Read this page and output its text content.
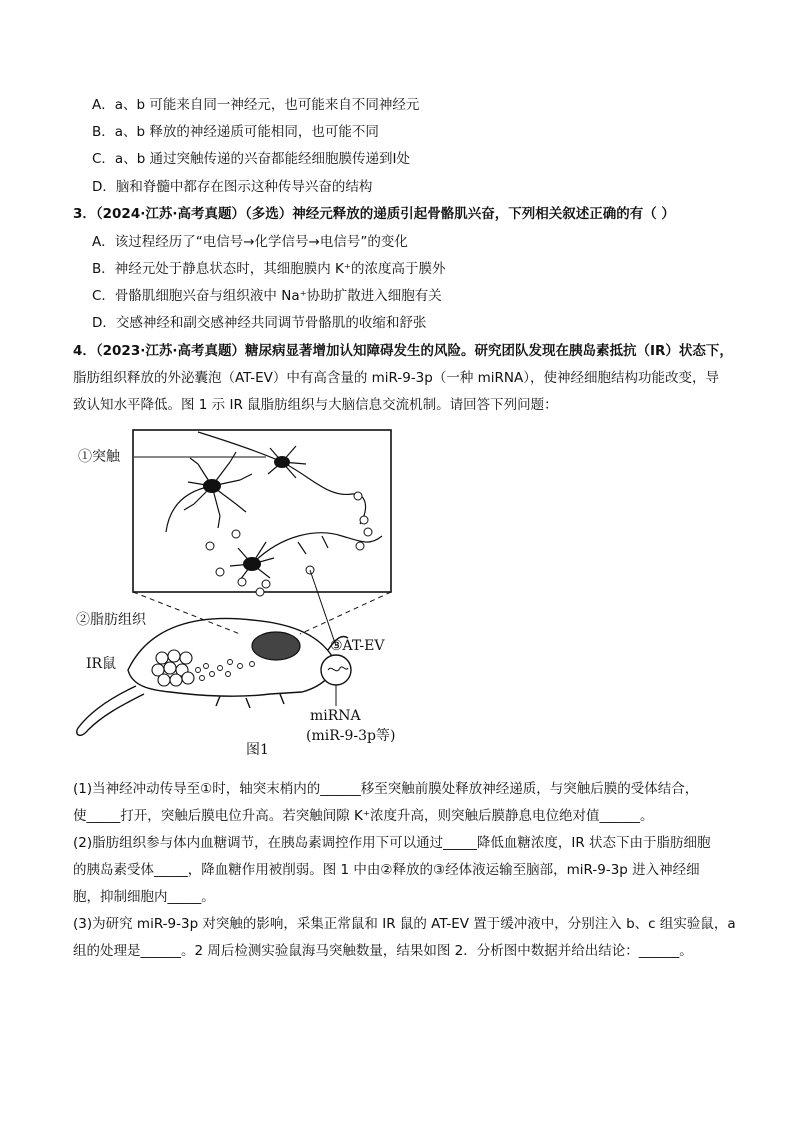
A．a、b 可能来自同一神经元，也可能来自不同神经元
B．a、b 释放的神经递质可能相同，也可能不同
C．a、b 通过突触传递的兴奋都能经细胞膜传递到Ⅰ处
D．脑和脊髓中都存在图示这种传导兴奋的结构
3．（2024·江苏·高考真题）（多选）神经元释放的递质引起骨骼肌兴奋，下列相关叙述正确的有（ ）
A．该过程经历了“电信号→化学信号→电信号”的变化
B．神经元处于静息状态时，其细胞膜内 K⁺的浓度高于膜外
C．骨骼肌细胞兴奋与组织液中 Na⁺协助扩散进入细胞有关
D．交感神经和副交感神经共同调节骨骼肌的收缩和舒张
4．（2023·江苏·高考真题）糖尿病显著增加认知障碍发生的风险。研究团队发现在胰岛素抵抗（IR）状态下，
脂肪组织释放的外泌囊泡（AT-EV）中有高含量的 miR-9-3p（一种 miRNA），使神经细胞结构功能改变，导
致认知水平降低。图 1 示 IR 鼠脂肪组织与大脑信息交流机制。请回答下列问题：
①突触
②脂肪组织
③AT-EV
IR鼠
miRNA
(miR-9-3p等)
图1
(1)当神经冲动传导至①时，轴突末梢内的______移至突触前膜处释放神经递质，与突触后膜的受体结合，
使_____打开，突触后膜电位升高。若突触间隙 K⁺浓度升高，则突触后膜静息电位绝对值______。
(2)脂肪组织参与体内血糖调节，在胰岛素调控作用下可以通过_____降低血糖浓度，IR 状态下由于脂肪细胞
的胰岛素受体_____，降血糖作用被削弱。图 1 中由②释放的③经体液运输至脑部，miR-9-3p 进入神经细
胞，抑制细胞内_____。
(3)为研究 miR-9-3p 对突触的影响，采集正常鼠和 IR 鼠的 AT-EV 置于缓冲液中，分别注入 b、c 组实验鼠，a
组的处理是______。2 周后检测实验鼠海马突触数量，结果如图 2．分析图中数据并给出结论：______。
